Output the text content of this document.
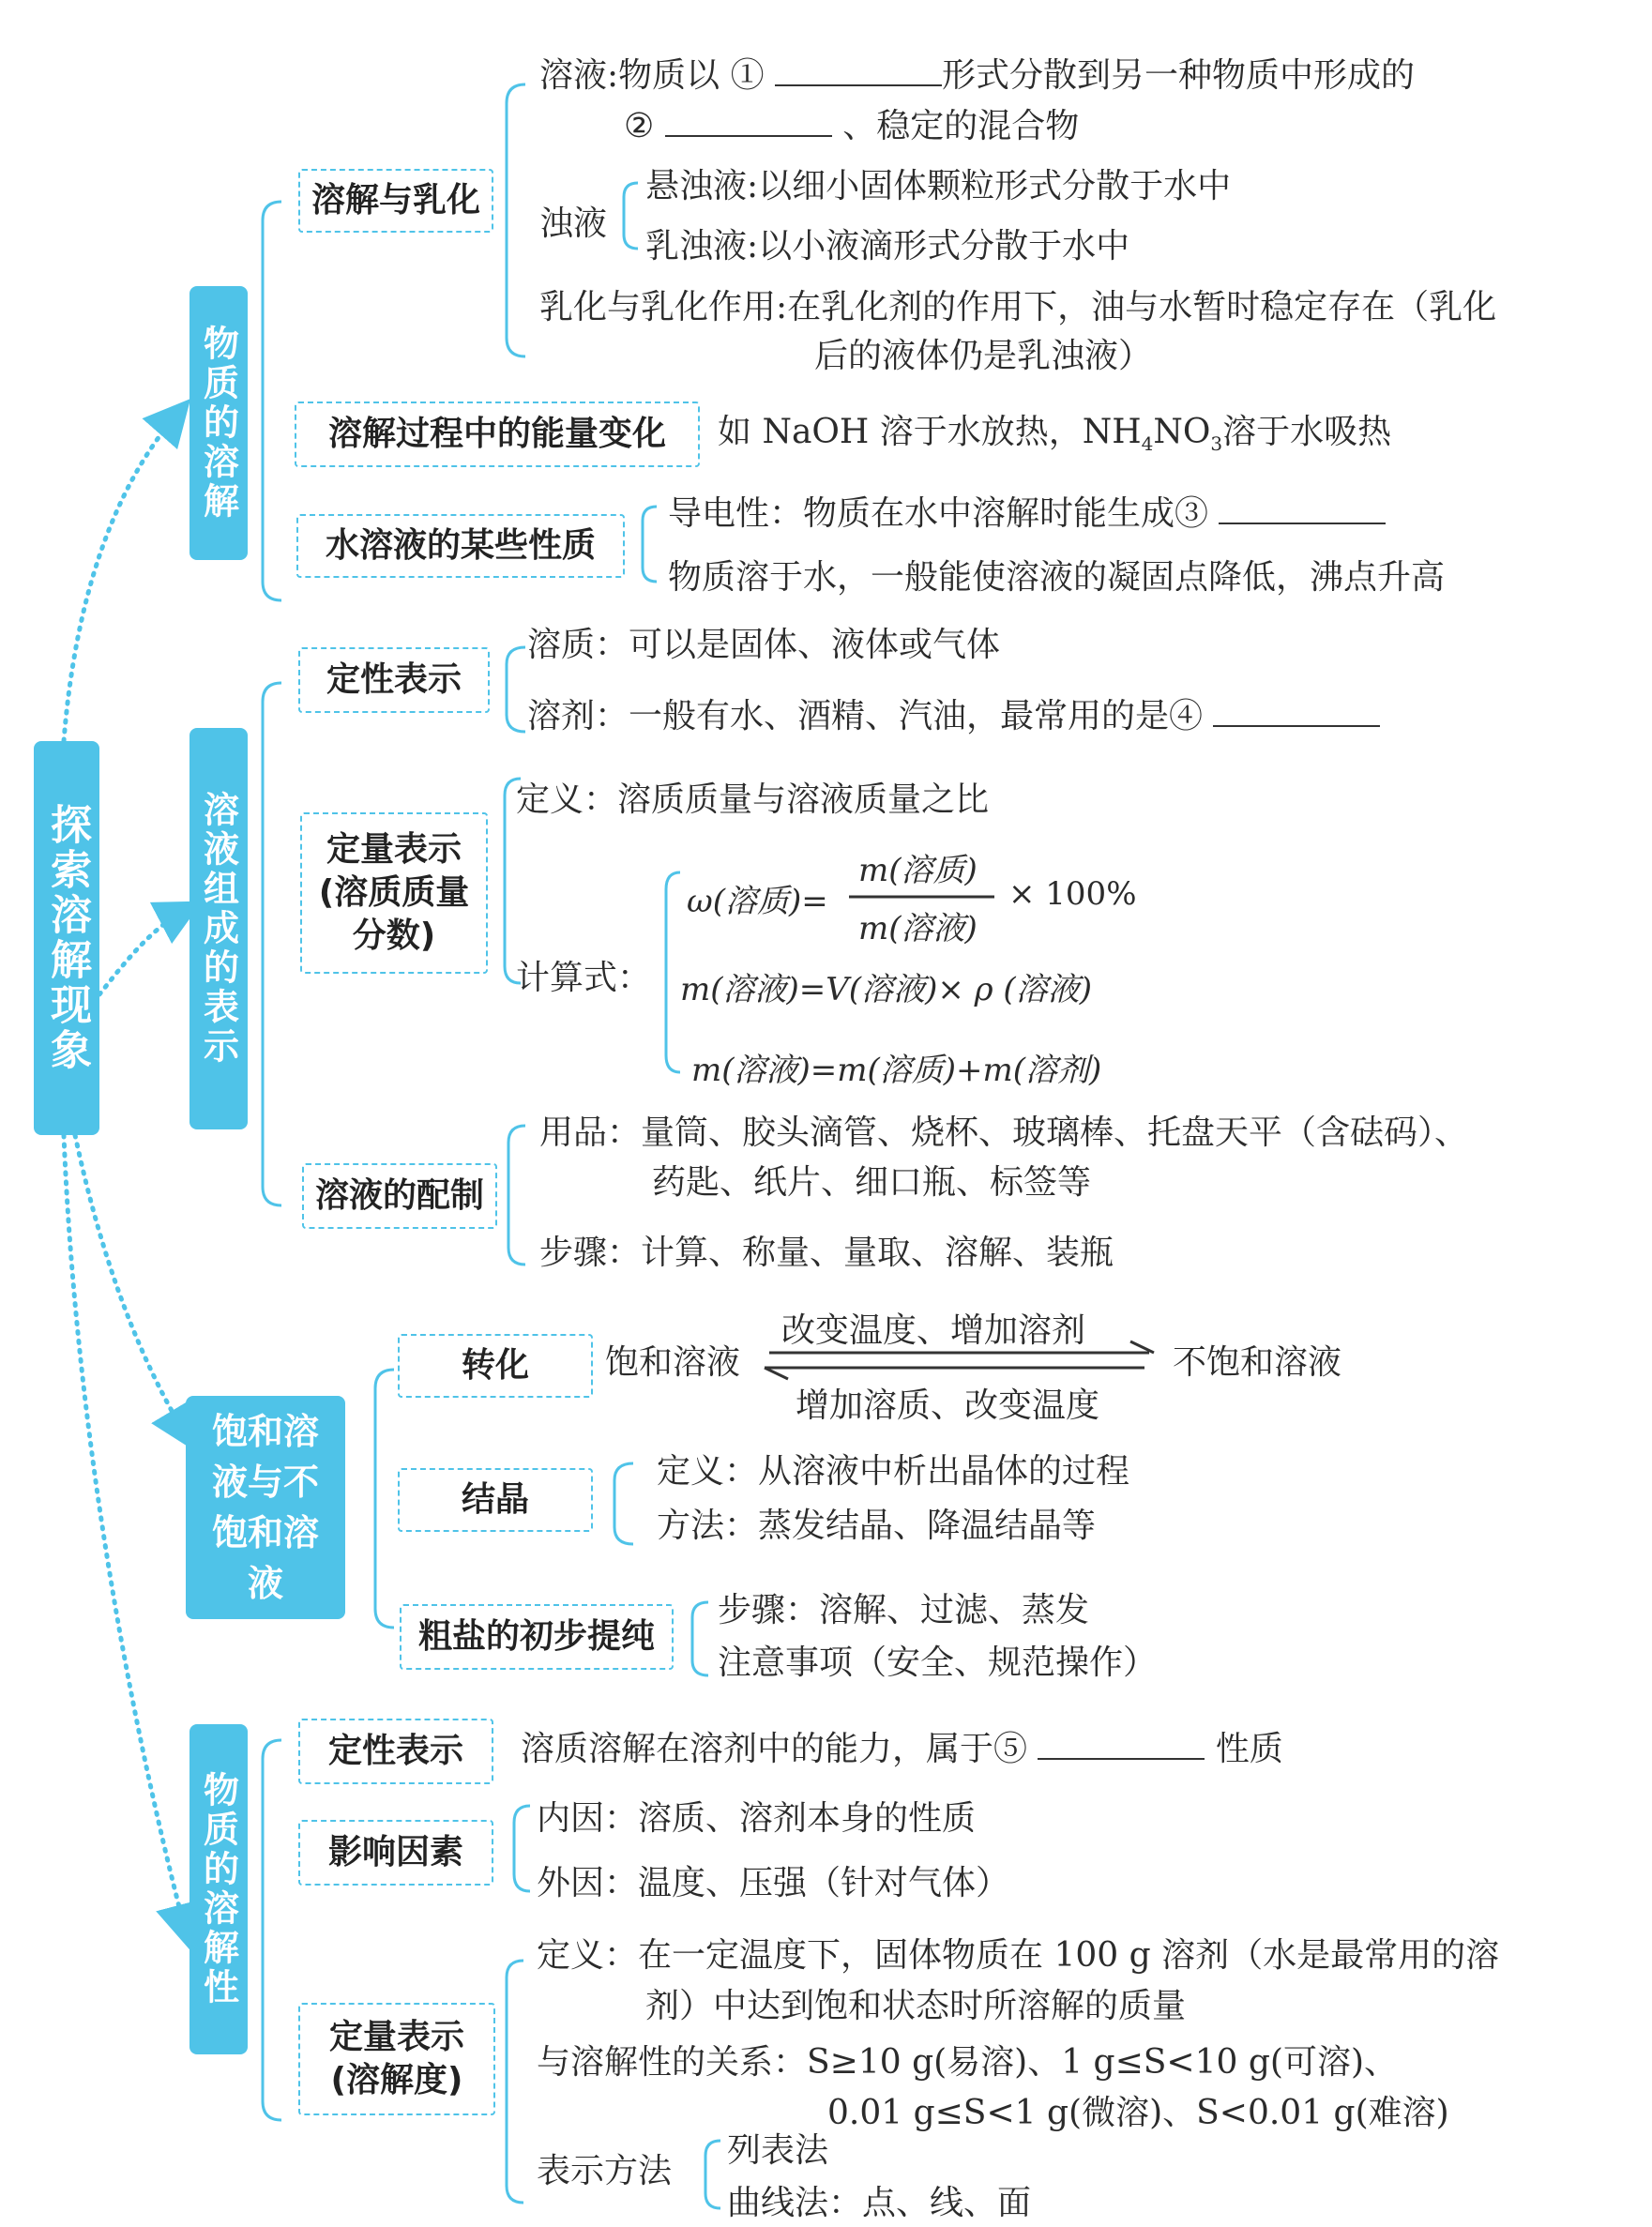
探索溶解现象
物质的溶解
溶解与乳化
溶液:物质以 ①	形式分散到另一种物质中形成的
②	、稳定的混合物
浊液
悬浊液:以细小固体颗粒形式分散于水中
乳浊液:以小液滴形式分散于水中
乳化与乳化作用:在乳化剂的作用下，油与水暂时稳定存在（乳化
后的液体仍是乳浊液）
溶解过程中的能量变化	如 NaOH 溶于水放热，$NH_4NO_3$溶于水吸热
水溶液的某些性质
导电性：物质在水中溶解时能生成③
物质溶于水，一般能使溶液的凝固点降低，沸点升高
溶液组成的表示
定性表示
溶质：可以是固体、液体或气体
溶剂：一般有水、酒精、汽油，最常用的是④
定量表示
(溶质质量
分数)
定义：溶质质量与溶液质量之比
计算式：
ω(溶质)=
m(溶质)
m(溶液)
× 100%
m(溶液)=V(溶液)× ρ (溶液)
m(溶液)=m(溶质)+m(溶剂)
溶液的配制
用品：量筒、胶头滴管、烧杯、玻璃棒、托盘天平（含砝码）、
药匙、纸片、细口瓶、标签等
步骤：计算、称量、量取、溶解、装瓶
饱和溶
液与不
饱和溶
液
转化	饱和溶液
改变温度、增加溶剂
增加溶质、改变温度
不饱和溶液
结晶
定义：从溶液中析出晶体的过程
方法：蒸发结晶、降温结晶等
粗盐的初步提纯
步骤：溶解、过滤、蒸发
注意事项（安全、规范操作）
物质的溶解性
定性表示	溶质溶解在溶剂中的能力，属于⑤	性质
影响因素
内因：溶质、溶剂本身的性质
外因：温度、压强（针对气体）
定量表示
(溶解度)
定义：在一定温度下，固体物质在 100 g 溶剂（水是最常用的溶
剂）中达到饱和状态时所溶解的质量
与溶解性的关系：S≥10 g(易溶)、1 g≤S<10 g(可溶)、
0.01 g≤S<1 g(微溶)、S<0.01 g(难溶)
表示方法
列表法
曲线法：点、线、面
